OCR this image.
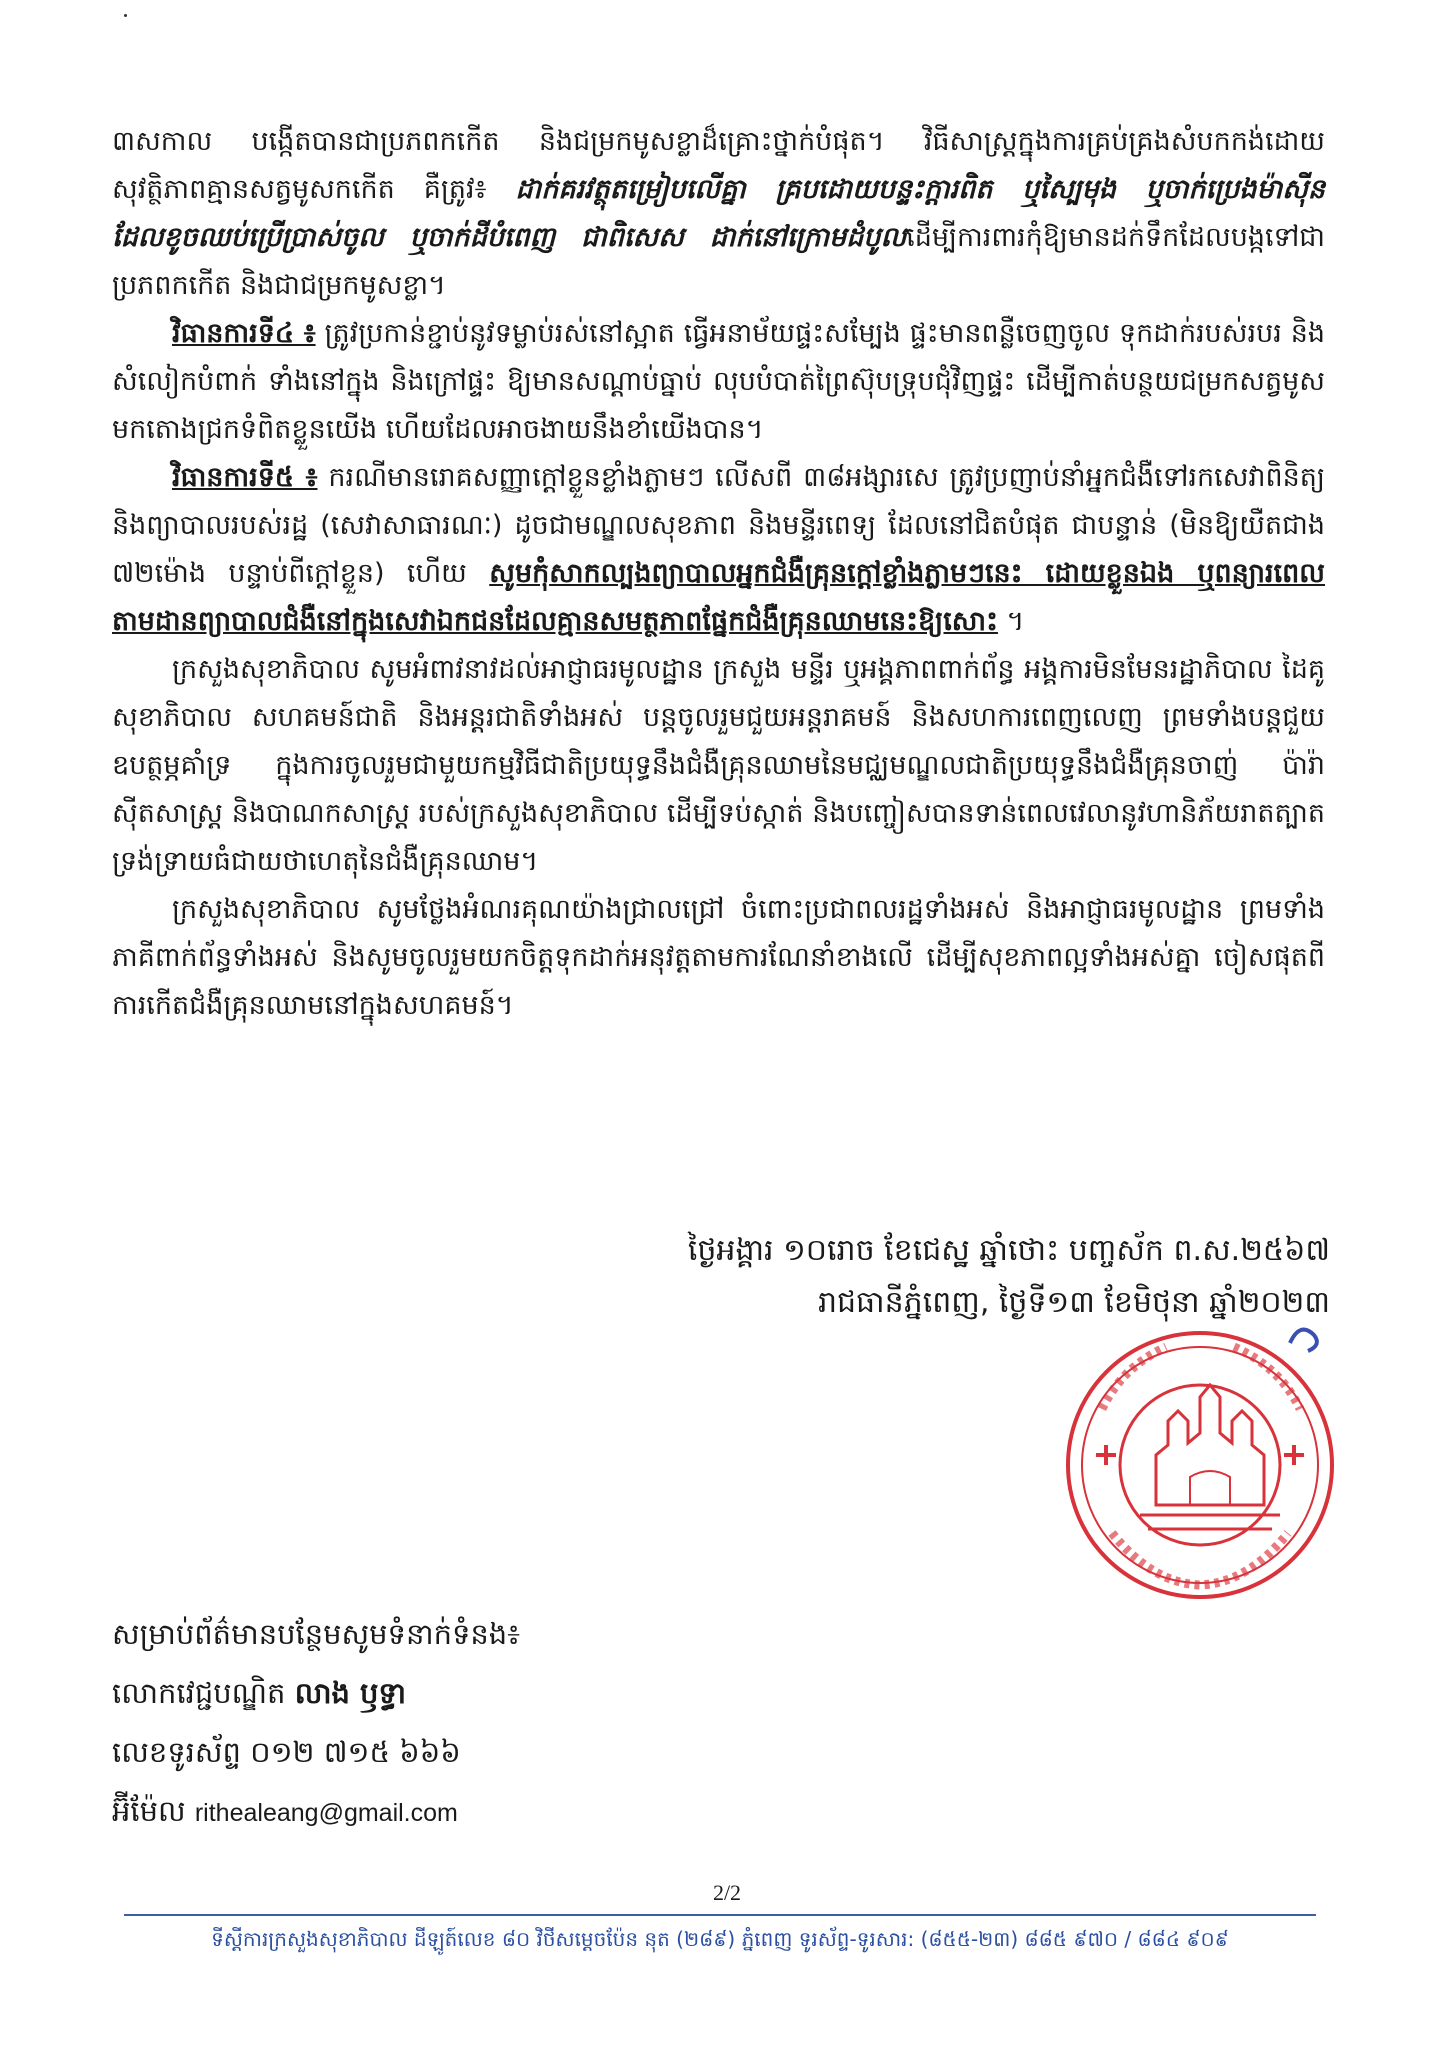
៣សកាល បង្កើតបានជាប្រភពកកើត និងជម្រកមូសខ្លាដ៏គ្រោះថ្នាក់បំផុត។ វិធីសាស្ត្រក្នុងការគ្រប់គ្រងសំបកកង់ដោយសុវត្ថិភាពគ្មានសត្វមូសកកើត គឺត្រូវ៖ ដាក់គរវត្ថុតម្រៀបលើគ្នា គ្របដោយបន្ទះក្តារពិត ឬស្បៃមុង ឬចាក់ប្រេងម៉ាស៊ីនដែលខូចឈប់ប្រើប្រាស់ចូល ឬចាក់ដីបំពេញ ជាពិសេស ដាក់នៅក្រោមដំបូលដើម្បីការពារកុំឱ្យមានដក់ទឹកដែលបង្កទៅជាប្រភពកកើត និងជាជម្រកមូសខ្លា។

វិធានការទី៤ ៖ ត្រូវប្រកាន់ខ្ជាប់នូវទម្លាប់រស់នៅស្អាត ធ្វើអនាម័យផ្ទះសម្បែង ផ្ទះមានពន្លឺចេញចូល ទុកដាក់របស់របរ និងសំលៀកបំពាក់ ទាំងនៅក្នុង និងក្រៅផ្ទះ ឱ្យមានសណ្តាប់ធ្នាប់ លុបបំបាត់ព្រៃស៊ុបទ្រុបជុំវិញផ្ទះ ដើម្បីកាត់បន្ថយជម្រកសត្វមូស មកតោងជ្រកទំពិតខ្លួនយើង ហើយដែលអាចងាយនឹងខាំយើងបាន។

វិធានការទី៥ ៖ ករណីមានរោគសញ្ញាក្តៅខ្លួនខ្លាំងភ្លាមៗ លើសពី ៣៨អង្សារសេ ត្រូវប្រញាប់នាំអ្នកជំងឺទៅរកសេវាពិនិត្យ និងព្យាបាលរបស់រដ្ឋ (សេវាសាធារណៈ) ដូចជាមណ្ឌលសុខភាព និងមន្ទីរពេទ្យ ដែលនៅជិតបំផុត ជាបន្ទាន់ (មិនឱ្យយឺតជាង ៧២ម៉ោង បន្ទាប់ពីក្តៅខ្លួន) ហើយ សូមកុំសាកល្បងព្យាបាលអ្នកជំងឺគ្រុនក្តៅខ្លាំងភ្លាមៗនេះ ដោយខ្លួនឯង ឬពន្យារពេលតាមដានព្យាបាលជំងឺនៅក្នុងសេវាឯកជនដែលគ្មានសមត្ថភាពផ្នែកជំងឺគ្រុនឈាមនេះឱ្យសោះ ។

ក្រសួងសុខាភិបាល សូមអំពាវនាវដល់អាជ្ញាធរមូលដ្ឋាន ក្រសួង មន្ទីរ ឬអង្គភាពពាក់ព័ន្ធ អង្គការមិនមែនរដ្ឋាភិបាល ដៃគូសុខាភិបាល សហគមន៍ជាតិ និងអន្តរជាតិទាំងអស់ បន្តចូលរួមជួយអន្តរាគមន៍ និងសហការពេញលេញ ព្រមទាំងបន្តជួយឧបត្ថម្ភគាំទ្រ ក្នុងការចូលរួមជាមួយកម្មវិធីជាតិប្រយុទ្ធនឹងជំងឺគ្រុនឈាមនៃមជ្ឈមណ្ឌលជាតិប្រយុទ្ធនឹងជំងឺគ្រុនចាញ់ ប៉ារ៉ាស៊ីតសាស្ត្រ និងបាណកសាស្ត្រ របស់ក្រសួងសុខាភិបាល ដើម្បីទប់ស្កាត់ និងបញ្ចៀសបានទាន់ពេលវេលានូវហានិភ័យរាតត្បាតទ្រង់ទ្រាយធំជាយថាហេតុនៃជំងឺគ្រុនឈាម។

ក្រសួងសុខាភិបាល សូមថ្លែងអំណរគុណយ៉ាងជ្រាលជ្រៅ ចំពោះប្រជាពលរដ្ឋទាំងអស់ និងអាជ្ញាធរមូលដ្ឋាន ព្រមទាំងភាគីពាក់ព័ន្ធទាំងអស់ និងសូមចូលរួមយកចិត្តទុកដាក់អនុវត្តតាមការណែនាំខាងលើ ដើម្បីសុខភាពល្អទាំងអស់គ្នា ចៀសផុតពីការកើតជំងឺគ្រុនឈាមនៅក្នុងសហគមន៍។

ថ្ងៃអង្គារ ១០រោច ខែជេស្ឋ ឆ្នាំថោះ បញ្ចស័ក ព.ស.២៥៦៧
រាជធានីភ្នំពេញ, ថ្ងៃទី១៣ ខែមិថុនា ឆ្នាំ២០២៣
សម្រាប់ព័ត៌មានបន្ថែមសូមទំនាក់ទំនង៖
លោកវេជ្ជបណ្ឌិត លាង ឫទ្ធា
លេខទូរស័ព្ទ ០១២ ៧១៥ ៦៦៦
អ៊ីម៉ែល rithealeang@gmail.com
2/2
ទីស្តីការក្រសួងសុខាភិបាល ដីឡូត៍លេខ ៨០ វិថីសម្តេចប៉ែន នុត (២៨៩) ភ្នំពេញ ទូរស័ព្ទ-ទូរសារ: (៨៥៥-២៣) ៨៨៥ ៩៧០ / ៨៨៤ ៩០៩
